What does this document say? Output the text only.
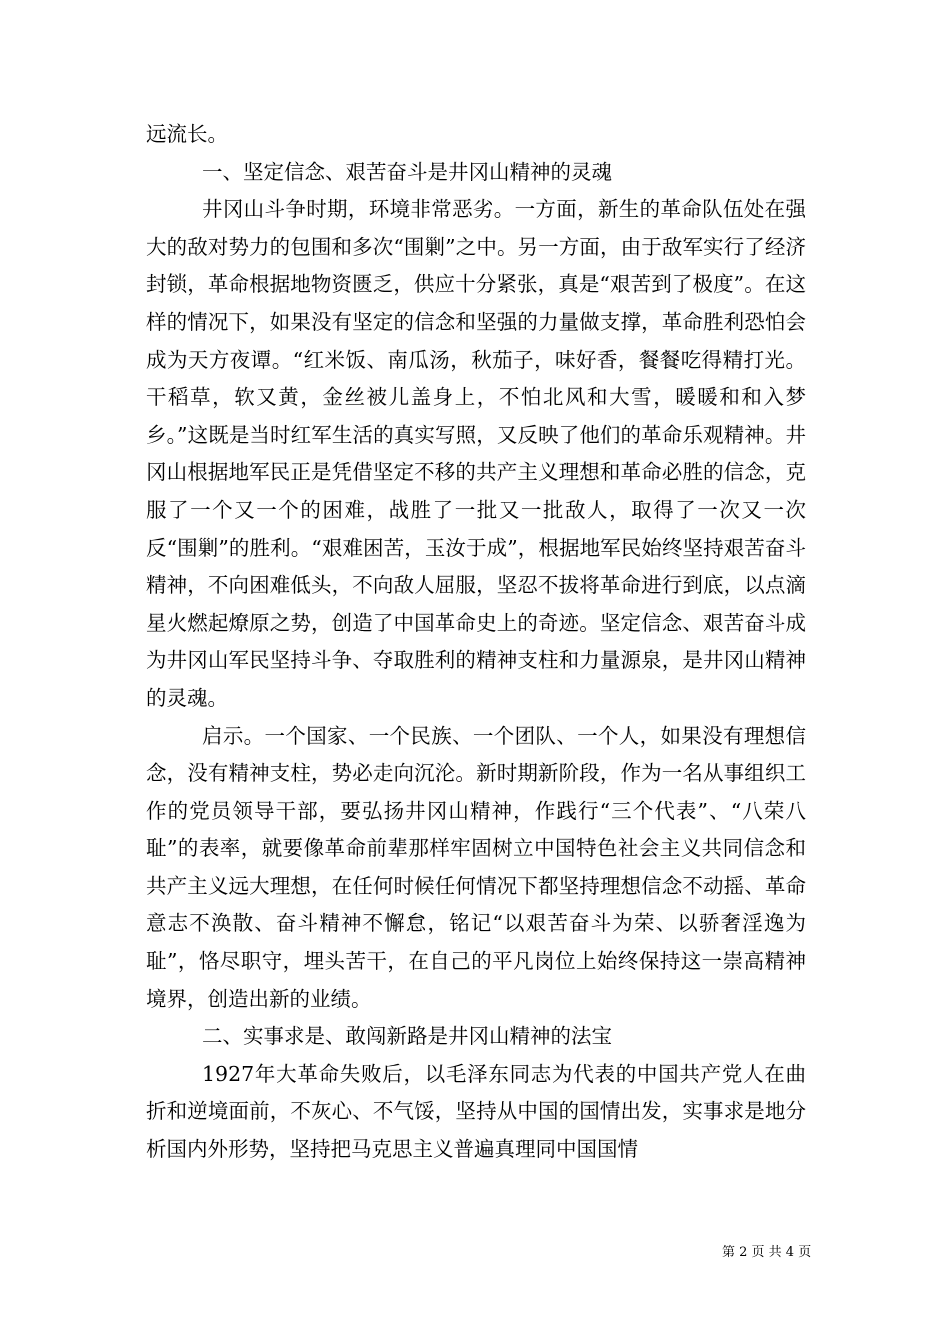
远流长。

一、坚定信念、艰苦奋斗是井冈山精神的灵魂

井冈山斗争时期，环境非常恶劣。一方面，新生的革命队伍处在强大的敌对势力的包围和多次“围剿”之中。另一方面，由于敌军实行了经济封锁，革命根据地物资匮乏，供应十分紧张，真是“艰苦到了极度”。在这样的情况下，如果没有坚定的信念和坚强的力量做支撑，革命胜利恐怕会成为天方夜谭。“红米饭、南瓜汤，秋茄子，味好香，餐餐吃得精打光。干稻草，软又黄，金丝被儿盖身上，不怕北风和大雪，暖暖和和入梦乡。”这既是当时红军生活的真实写照，又反映了他们的革命乐观精神。井冈山根据地军民正是凭借坚定不移的共产主义理想和革命必胜的信念，克服了一个又一个的困难，战胜了一批又一批敌人，取得了一次又一次反“围剿”的胜利。“艰难困苦，玉汝于成”，根据地军民始终坚持艰苦奋斗精神，不向困难低头，不向敌人屈服，坚忍不拔将革命进行到底，以点滴星火燃起燎原之势，创造了中国革命史上的奇迹。坚定信念、艰苦奋斗成为井冈山军民坚持斗争、夺取胜利的精神支柱和力量源泉，是井冈山精神的灵魂。

启示。一个国家、一个民族、一个团队、一个人，如果没有理想信念，没有精神支柱，势必走向沉沦。新时期新阶段，作为一名从事组织工作的党员领导干部，要弘扬井冈山精神，作践行“三个代表”、“八荣八耻”的表率，就要像革命前辈那样牢固树立中国特色社会主义共同信念和共产主义远大理想，在任何时候任何情况下都坚持理想信念不动摇、革命意志不涣散、奋斗精神不懈怠，铭记“以艰苦奋斗为荣、以骄奢淫逸为耻”，恪尽职守，埋头苦干，在自己的平凡岗位上始终保持这一崇高精神境界，创造出新的业绩。

二、实事求是、敢闯新路是井冈山精神的法宝

1927年大革命失败后，以毛泽东同志为代表的中国共产党人在曲折和逆境面前，不灰心、不气馁，坚持从中国的国情出发，实事求是地分析国内外形势，坚持把马克思主义普遍真理同中国国情

第 2 页 共 4 页
